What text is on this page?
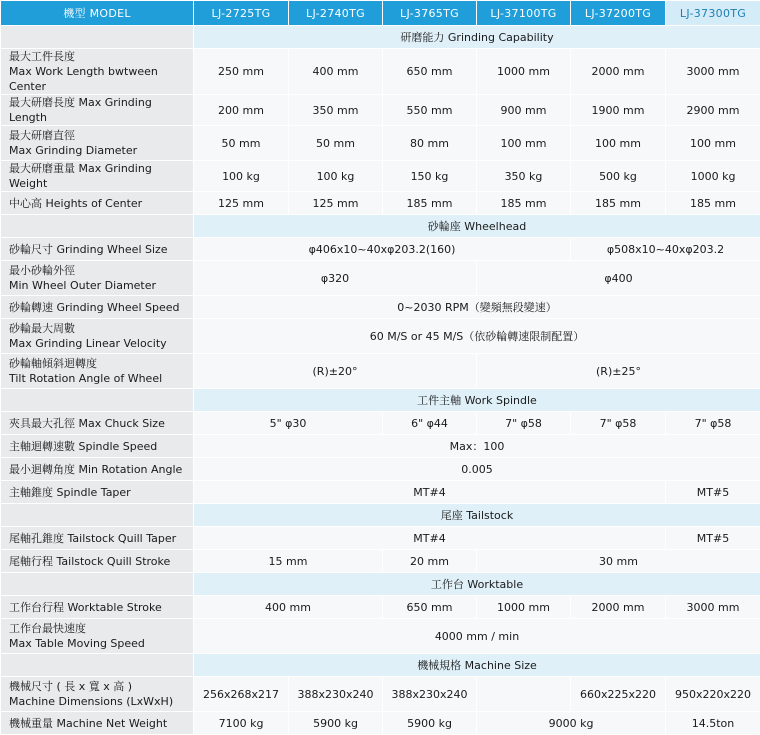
機型 MODEL	LJ-2725TG	LJ-2740TG	LJ-3765TG	LJ-37100TG	LJ-37200TG	LJ-37300TG
	研磨能力 Grinding Capability					

最大工件長度
Max Work Length bwtween Center	250 mm	400 mm	650 mm	1000 mm	2000 mm	3000 mm
最大研磨長度 Max Grinding Length	200 mm	350 mm	550 mm	900 mm	1900 mm	2900 mm

最大研磨直徑
Max Grinding Diameter	50 mm	50 mm	80 mm	100 mm	100 mm	100 mm
最大研磨重量 Max Grinding Weight	100 kg	100 kg	150 kg	350 kg	500 kg	1000 kg
中心高 Heights of Center	125 mm	125 mm	185 mm	185 mm	185 mm	185 mm
	砂輪座 Wheelhead					
砂輪尺寸 Grinding Wheel Size	φ406x10~40xφ203.2(160)				φ508x10~40xφ203.2	

最小砂輪外徑
Min Wheel Outer Diameter	φ320			φ400		
砂輪轉速 Grinding Wheel Speed	0~2030 RPM（變頻無段變速）					

砂輪最大周數
Max Grinding Linear Velocity	60 M/S or 45 M/S（依砂輪轉速限制配置）					

砂輪軸傾斜迴轉度
Tilt Rotation Angle of Wheel	(R)±20°			(R)±25°		
	工件主軸 Work Spindle					
夾具最大孔徑 Max Chuck Size	5" φ30		6" φ44	7" φ58	7" φ58	7" φ58
主軸迴轉速數 Spindle Speed	Max：100					
最小迴轉角度 Min Rotation Angle	0.005					
主軸錐度 Spindle Taper	MT#4					MT#5
	尾座 Tailstock					
尾軸孔錐度 Tailstock Quill Taper	MT#4					MT#5
尾軸行程 Tailstock Quill Stroke	15 mm		20 mm	30 mm		
	工作台 Worktable					
工作台行程 Worktable Stroke	400 mm		650 mm	1000 mm	2000 mm	3000 mm

工作台最快速度
Max Table Moving Speed	4000 mm / min					
	機械規格 Machine Size					

機械尺寸 ( 長 x 寬 x 高 )
Machine Dimensions (LxWxH)	256x268x217	388x230x240	388x230x240		660x225x220	950x220x220
機械重量 Machine Net Weight	7100 kg	5900 kg	5900 kg	9000 kg		14.5ton
